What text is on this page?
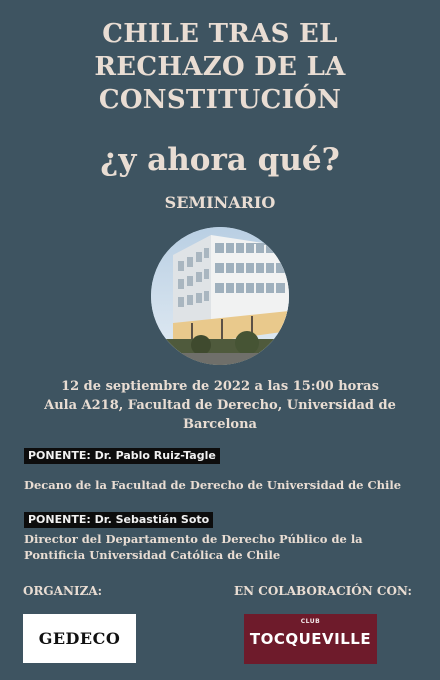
CHILE TRAS EL
RECHAZO DE LA
CONSTITUCIÓN
¿y ahora qué?
SEMINARIO
12 de septiembre de 2022 a las 15:00 horas
Aula A218, Facultad de Derecho, Universidad de
Barcelona
PONENTE: Dr. Pablo Ruiz-Tagle
Decano de la Facultad de Derecho de Universidad de Chile
PONENTE: Dr. Sebastián Soto
Director del Departamento de Derecho Público de la Pontificia Universidad Católica de Chile
ORGANIZA:	EN COLABORACIÓN CON:
GEDECO
CLUB
TOCQUEVILLE
